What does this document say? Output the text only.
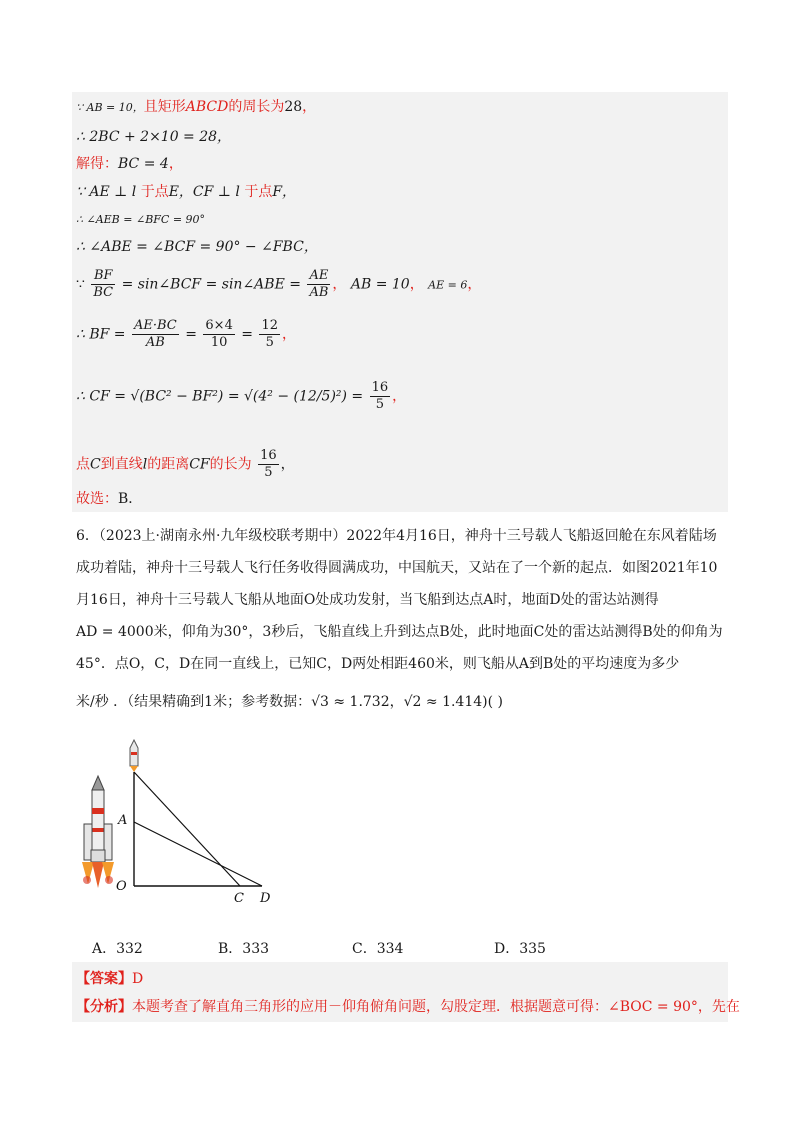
∵ AB = 10，且矩形ABCD的周长为28，
∴ 2BC + 2×10 = 28，
解得：BC = 4，
∵ AE ⊥ l 于点E，CF ⊥ l 于点F，
∴ ∠AEB = ∠BFC = 90°
∴ ∠ABE = ∠BCF = 90° − ∠FBC，
∵ $\frac{BF}{BC}$ = sin∠BCF = sin∠ABE = $\frac{AE}{AB}$ ， AB = 10， AE = 6，
∴ BF = $\frac{AE\cdot BC}{AB} = \frac{6\times 4}{10} = \frac{12}{5}$ ，
∴ CF = $√(BC^2 - BF^2) = √(4^2 - (12/5)^2) = \frac{16}{5}$ ，
点C到直线l的距离CF的长为 $\frac{16}{5}$ ，
故选：B．
6．（2023上·湖南永州·九年级校联考期中）2022年4月16日，神舟十三号载人飞船返回舱在东风着陆场
成功着陆，神舟十三号载人飞行任务收得圆满成功，中国航天，又站在了一个新的起点．如图2021年10
月16日，神舟十三号载人飞船从地面O处成功发射，当飞船到达点A时，地面D处的雷达站测得
AD = 4000米，仰角为30°，3秒后，飞船直线上升到达点B处，此时地面C处的雷达站测得B处的仰角为
45°．点O，C，D在同一直线上，已知C，D两处相距460米，则飞船从A到B处的平均速度为多少
米/秒 ．（结果精确到1米；参考数据：√3 ≈ 1.732，√2 ≈ 1.414)( )
A
O
C D
A．332	B．333	C．334	D．335
【答案】D
【分析】本题考查了解直角三角形的应用－仰角俯角问题，勾股定理．根据题意可得：∠BOC = 90°，先在
